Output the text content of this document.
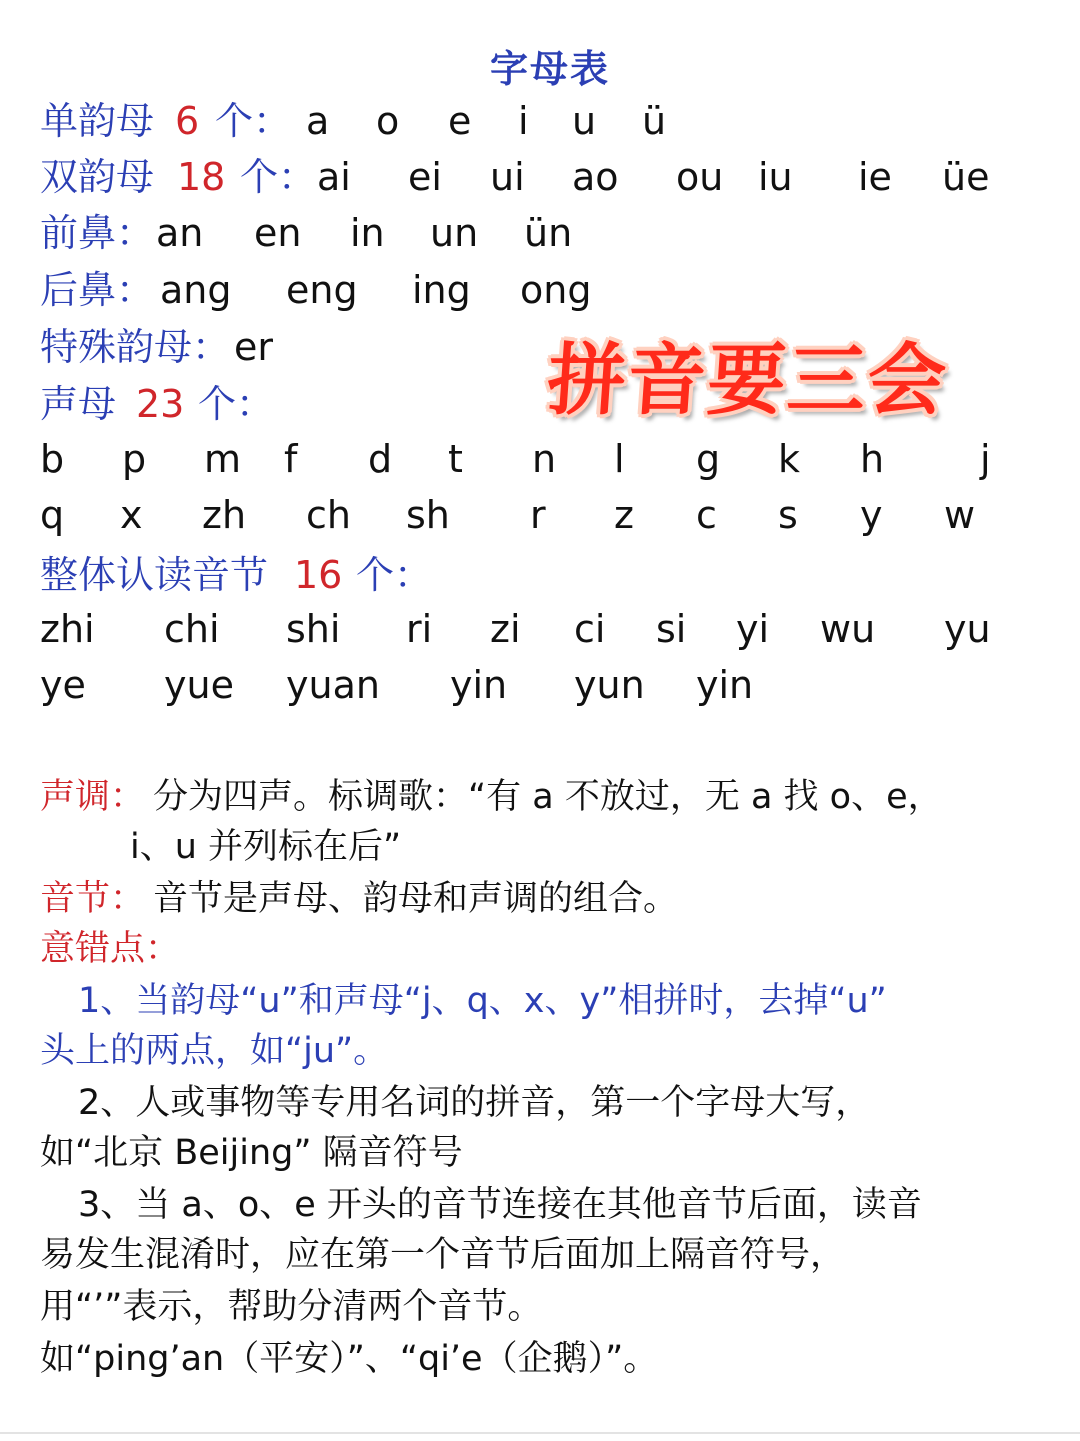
字母表
单韵母 6 个： a o e i u ü
双韵母 18 个： ai ei ui ao ou iu ie üe
前鼻： an en in un ün
后鼻： ang eng ing ong
特殊韵母： er	拼音要三会
声母 23 个：
b p m f d t n l g k h	j
q x zh ch sh r z c s y w
整体认读音节 16 个：
zhi chi shi ri zi ci si yi wu yu
ye yue yuan yin yun yin
声调： 分为四声。标调歌：“有 a 不放过，无 a 找 o、e，
i、u 并列标在后”
音节： 音节是声母、韵母和声调的组合。
意错点：
1、当韵母“u”和声母“j、q、x、y”相拼时，去掉“u”
头上的两点，如“ju”。
2、人或事物等专用名词的拼音，第一个字母大写，
如“北京 Beijing” 隔音符号
3、当 a、o、e 开头的音节连接在其他音节后面，读音
易发生混淆时，应在第一个音节后面加上隔音符号，
用“’”表示，帮助分清两个音节。
如“ping’an（平安）”、“qi’e（企鹅）”。
